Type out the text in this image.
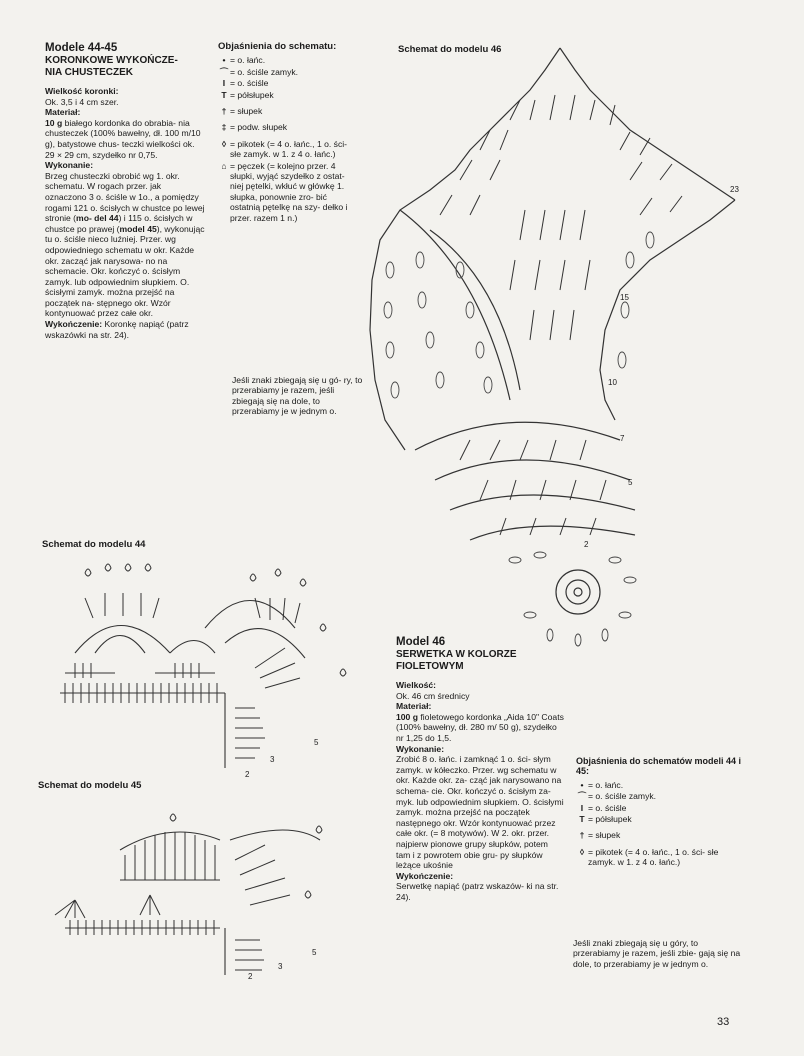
Modele 44-45
KORONKOWE WYKOŃCZE-
NIA CHUSTECZEK
Wielkość koronki:
Ok. 3,5 i 4 cm szer.
Materiał:
10 g białego kordonka do obrabia- nia chusteczek (100% bawełny, dł. 100 m/10 g), batystowe chus- teczki wielkości ok. 29 × 29 cm, szydełko nr 0,75.
Wykonanie:
Brzeg chusteczki obrobić wg 1. okr. schematu. W rogach przer. jak oznaczono 3 o. ściśle w 1o., a pomiędzy rogami 121 o. ścisłych w chustce po lewej stronie (mo- del 44) i 115 o. ścisłych w chustce po prawej (model 45), wykonując tu o. ściśle nieco luźniej. Przer. wg odpowiedniego schematu w okr. Każde okr. zacząć jak narysowa- no na schemacie. Okr. kończyć o. ścisłym zamyk. lub odpowiednim słupkiem. O. ścisłymi zamyk. można przejść na początek na- stępnego okr. Wzór kontynuować przez całe okr.
Wykończenie: Koronkę napiąć (patrz wskazówki na str. 24).
Objaśnienia do schematu:
• = o. łańc.
⌒ = o. ściśle zamyk.
I = o. ściśle
T = półsłupek
† = słupek
‡ = podw. słupek
◊ = pikotek (= 4 o. łańc., 1 o. ści- słe zamyk. w 1. z 4 o. łańc.)
⌂ = pęczek (= kolejno przer. 4 słupki, wyjąć szydełko z ostat- niej pętelki, wkłuć w główkę 1. słupka, ponownie zro- bić ostatnią pętelkę na szy- dełko i przer. razem 1 n.)
Jeśli znaki zbiegają się u gó- ry, to przerabiamy je razem, jeśli zbiegają się na dole, to przerabiamy je w jednym o.
Schemat do modelu 46
Schemat do modelu 44
Schemat do modelu 45
23
15
10
7
5
2
5
3
2
5
3
2
Model 46
SERWETKA W KOLORZE
FIOLETOWYM
Wielkość:
Ok. 46 cm średnicy
Materiał:
100 g fioletowego kordonka „Aida 10" Coats (100% bawełny, dł. 280 m/ 50 g), szydełko nr 1,25 do 1,5.
Wykonanie:
Zrobić 8 o. łańc. i zamknąć 1 o. ści- słym zamyk. w kółeczko. Przer. wg schematu w okr. Każde okr. za- cząć jak narysowano na schema- cie. Okr. kończyć o. ścisłym za- myk. lub odpowiednim słupkiem. O. ścisłymi zamyk. można przejść na początek następnego okr. Wzór kontynuować przez całe okr. (= 8 motywów). W 2. okr. przer. najpierw pionowe grupy słupków, potem tam i z powrotem obie gru- py słupków leżące ukośnie
Wykończenie:
Serwetkę napiąć (patrz wskazów- ki na str. 24).
Objaśnienia do schematów modeli 44 i 45:
• = o. łańc.
⌒ = o. ściśle zamyk.
I = o. ściśle
T = półsłupek
† = słupek
◊ = pikotek (= 4 o. łańc., 1 o. ści- słe zamyk. w 1. z 4 o. łańc.)
Jeśli znaki zbiegają się u góry, to przerabiamy je razem, jeśli zbie- gają się na dole, to przerabiamy je w jednym o.
33
